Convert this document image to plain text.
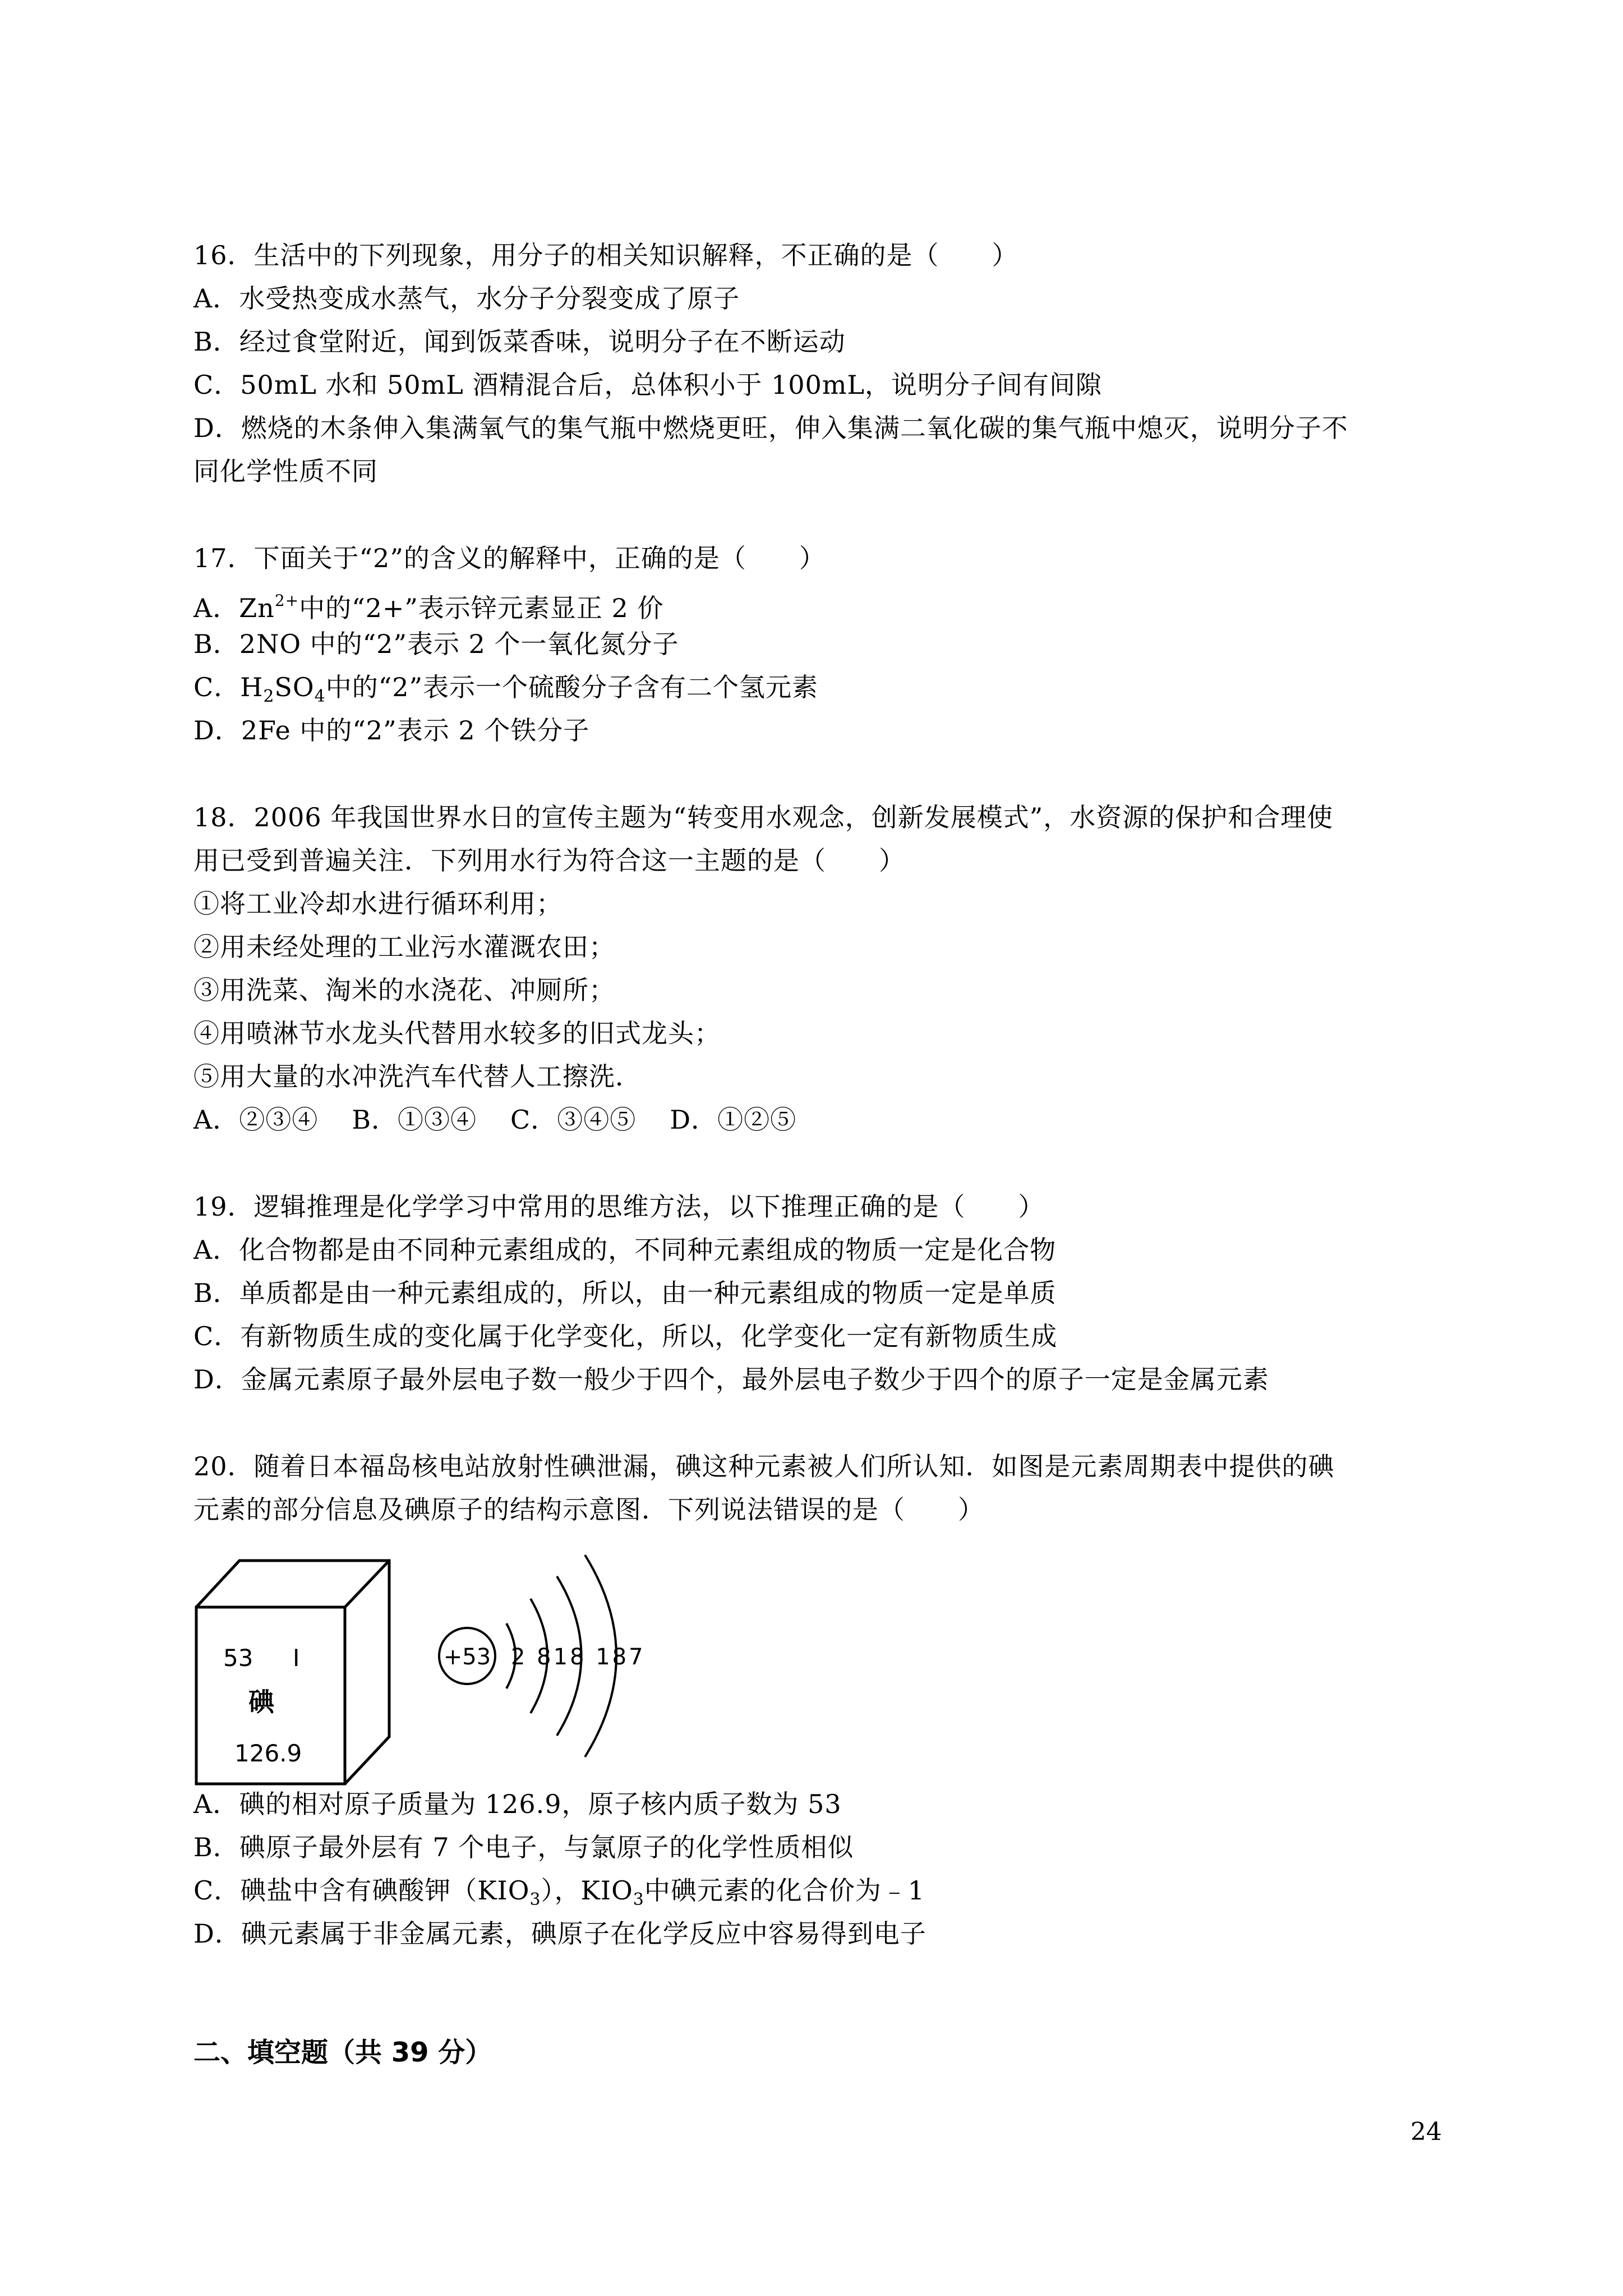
16．生活中的下列现象，用分子的相关知识解释，不正确的是（　　）
A．水受热变成水蒸气，水分子分裂变成了原子
B．经过食堂附近，闻到饭菜香味，说明分子在不断运动
C．50mL 水和 50mL 酒精混合后，总体积小于 100mL，说明分子间有间隙
D．燃烧的木条伸入集满氧气的集气瓶中燃烧更旺，伸入集满二氧化碳的集气瓶中熄灭，说明分子不
同化学性质不同
17．下面关于“2”的含义的解释中，正确的是（　　）
A．$Zn^{2+}$中的“2+”表示锌元素显正 2 价
B．2NO 中的“2”表示 2 个一氧化氮分子
C．$H_2SO_4$中的“2”表示一个硫酸分子含有二个氢元素
D．2Fe 中的“2”表示 2 个铁分子
18．2006 年我国世界水日的宣传主题为“转变用水观念，创新发展模式”，水资源的保护和合理使
用已受到普遍关注．下列用水行为符合这一主题的是（　　）
①将工业冷却水进行循环利用；
②用未经处理的工业污水灌溉农田；
③用洗菜、淘米的水浇花、冲厕所；
④用喷淋节水龙头代替用水较多的旧式龙头；
⑤用大量的水冲洗汽车代替人工擦洗．
A．②③④ B．①③④ C．③④⑤ D．①②⑤
19．逻辑推理是化学学习中常用的思维方法，以下推理正确的是（　　）
A．化合物都是由不同种元素组成的，不同种元素组成的物质一定是化合物
B．单质都是由一种元素组成的，所以，由一种元素组成的物质一定是单质
C．有新物质生成的变化属于化学变化，所以，化学变化一定有新物质生成
D．金属元素原子最外层电子数一般少于四个，最外层电子数少于四个的原子一定是金属元素
20．随着日本福岛核电站放射性碘泄漏，碘这种元素被人们所认知．如图是元素周期表中提供的碘
元素的部分信息及碘原子的结构示意图．下列说法错误的是（　　）
53 I
碘
126.9
+53 2 818 187
A．碘的相对原子质量为 126.9，原子核内质子数为 53
B．碘原子最外层有 7 个电子，与氯原子的化学性质相似
C．碘盐中含有碘酸钾$(KIO_3)$，$KIO_3$中碘元素的化合价为﹣1
D．碘元素属于非金属元素，碘原子在化学反应中容易得到电子
二、填空题（共 39 分）
24
